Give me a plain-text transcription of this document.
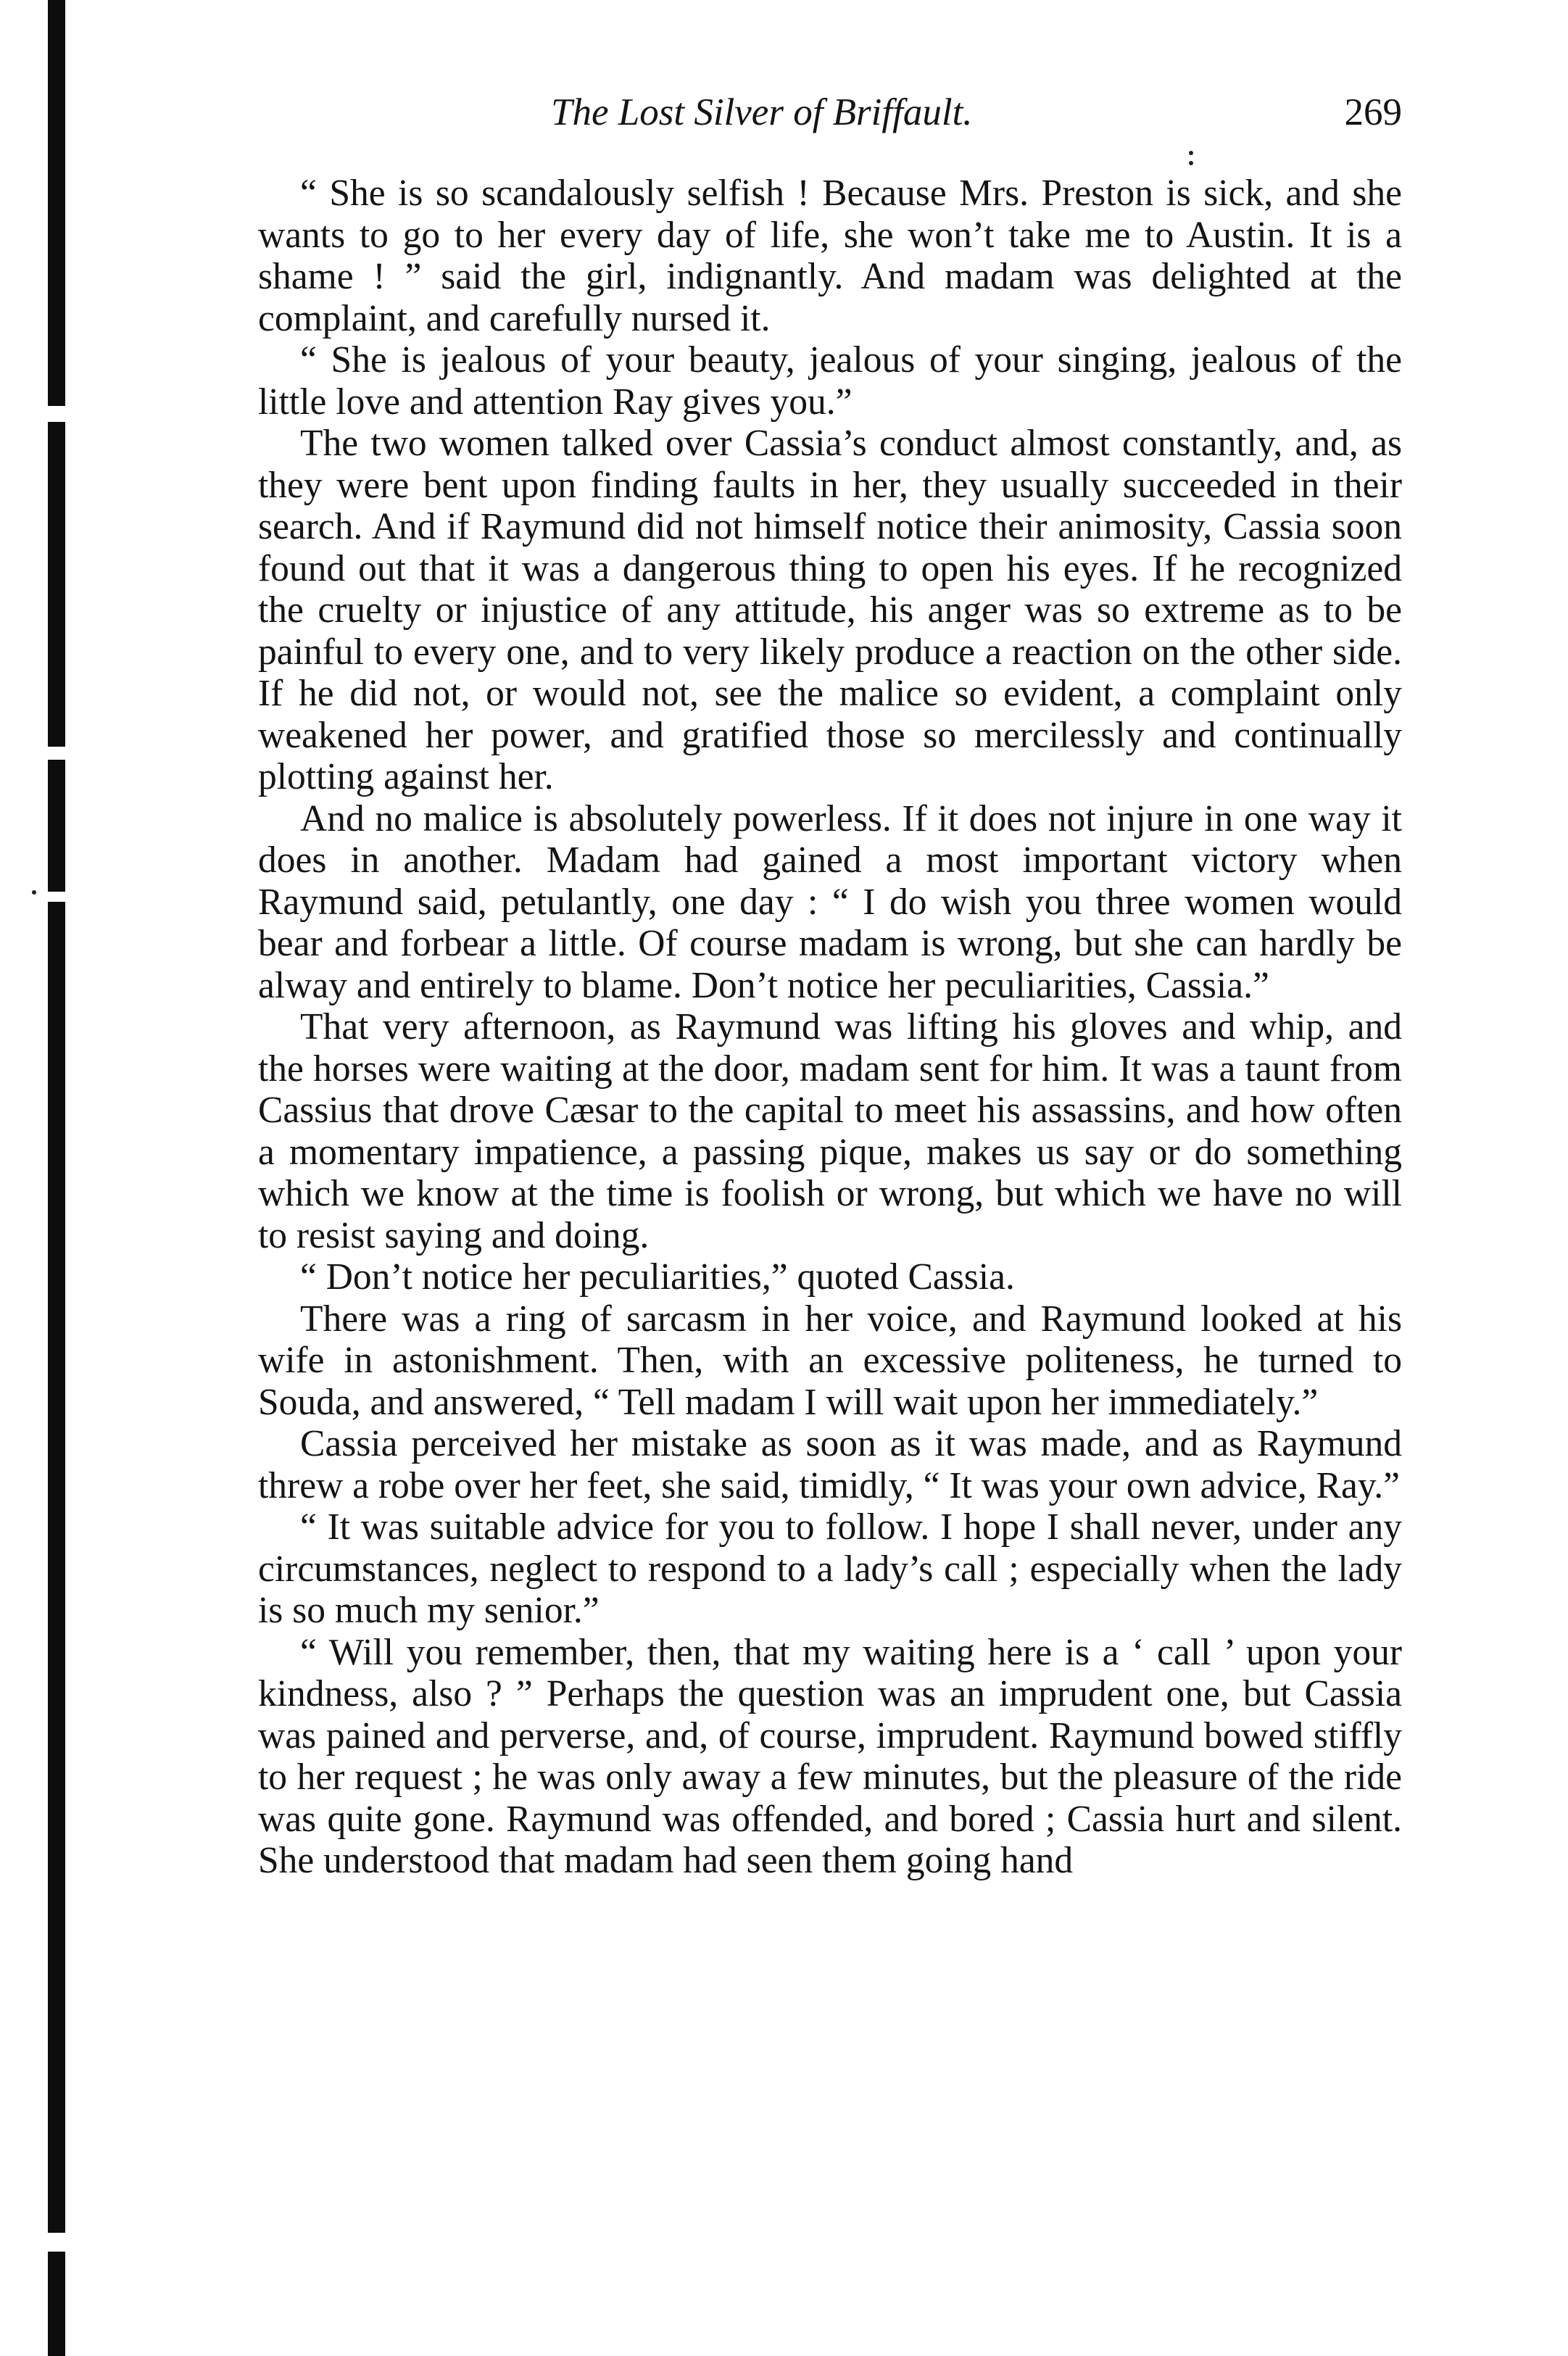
The Lost Silver of Briffault.	269

“ She is so scandalously selfish ! Because Mrs. Preston is sick, and she wants to go to her every day of life, she won’t take me to Austin. It is a shame ! ” said the girl, indignantly. And madam was delighted at the complaint, and carefully nursed it.

“ She is jealous of your beauty, jealous of your singing, jealous of the little love and attention Ray gives you.”

The two women talked over Cassia’s conduct almost constantly, and, as they were bent upon finding faults in her, they usually succeeded in their search. And if Raymund did not himself notice their animosity, Cassia soon found out that it was a dangerous thing to open his eyes. If he recognized the cruelty or injustice of any attitude, his anger was so extreme as to be painful to every one, and to very likely produce a reaction on the other side. If he did not, or would not, see the malice so evident, a complaint only weakened her power, and gratified those so mercilessly and continually plotting against her.

And no malice is absolutely powerless. If it does not injure in one way it does in another. Madam had gained a most important victory when Raymund said, petulantly, one day : “ I do wish you three women would bear and forbear a little. Of course madam is wrong, but she can hardly be alway and entirely to blame. Don’t notice her peculiarities, Cassia.”

That very afternoon, as Raymund was lifting his gloves and whip, and the horses were waiting at the door, madam sent for him. It was a taunt from Cassius that drove Cæsar to the capital to meet his assassins, and how often a momentary impatience, a passing pique, makes us say or do something which we know at the time is foolish or wrong, but which we have no will to resist saying and doing.

“ Don’t notice her peculiarities,” quoted Cassia.

There was a ring of sarcasm in her voice, and Raymund looked at his wife in astonishment. Then, with an excessive politeness, he turned to Souda, and answered, “ Tell madam I will wait upon her immediately.”

Cassia perceived her mistake as soon as it was made, and as Raymund threw a robe over her feet, she said, timidly, “ It was your own advice, Ray.”

“ It was suitable advice for you to follow. I hope I shall never, under any circumstances, neglect to respond to a lady’s call ; especially when the lady is so much my senior.”

“ Will you remember, then, that my waiting here is a ‘ call ’ upon your kindness, also ? ” Perhaps the question was an imprudent one, but Cassia was pained and perverse, and, of course, imprudent. Raymund bowed stiffly to her request ; he was only away a few minutes, but the pleasure of the ride was quite gone. Raymund was offended, and bored ; Cassia hurt and silent. She understood that madam had seen them going hand
